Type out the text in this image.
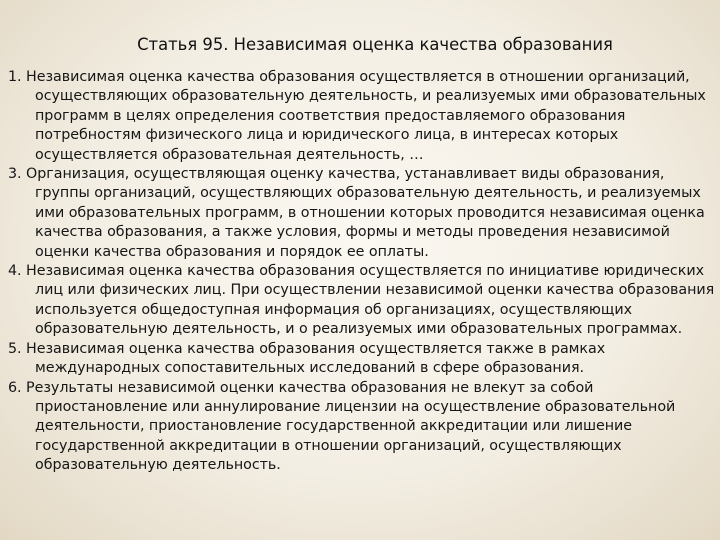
Статья 95. Независимая оценка качества образования

1. Независимая оценка качества образования осуществляется в отношении организаций, осуществляющих образовательную деятельность, и реализуемых ими образовательных программ в целях определения соответствия предоставляемого образования потребностям физического лица и юридического лица, в интересах которых осуществляется образовательная деятельность, …

3. Организация, осуществляющая оценку качества, устанавливает виды образования, группы организаций, осуществляющих образовательную деятельность, и реализуемых ими образовательных программ, в отношении которых проводится независимая оценка качества образования, а также условия, формы и методы проведения независимой оценки качества образования и порядок ее оплаты.

4. Независимая оценка качества образования осуществляется по инициативе юридических лиц или физических лиц. При осуществлении независимой оценки качества образования используется общедоступная информация об организациях, осуществляющих образовательную деятельность, и о реализуемых ими образовательных программах.

5. Независимая оценка качества образования осуществляется также в рамках международных сопоставительных исследований в сфере образования.

6. Результаты независимой оценки качества образования не влекут за собой приостановление или аннулирование лицензии на осуществление образовательной деятельности, приостановление государственной аккредитации или лишение государственной аккредитации в отношении организаций, осуществляющих образовательную деятельность.
